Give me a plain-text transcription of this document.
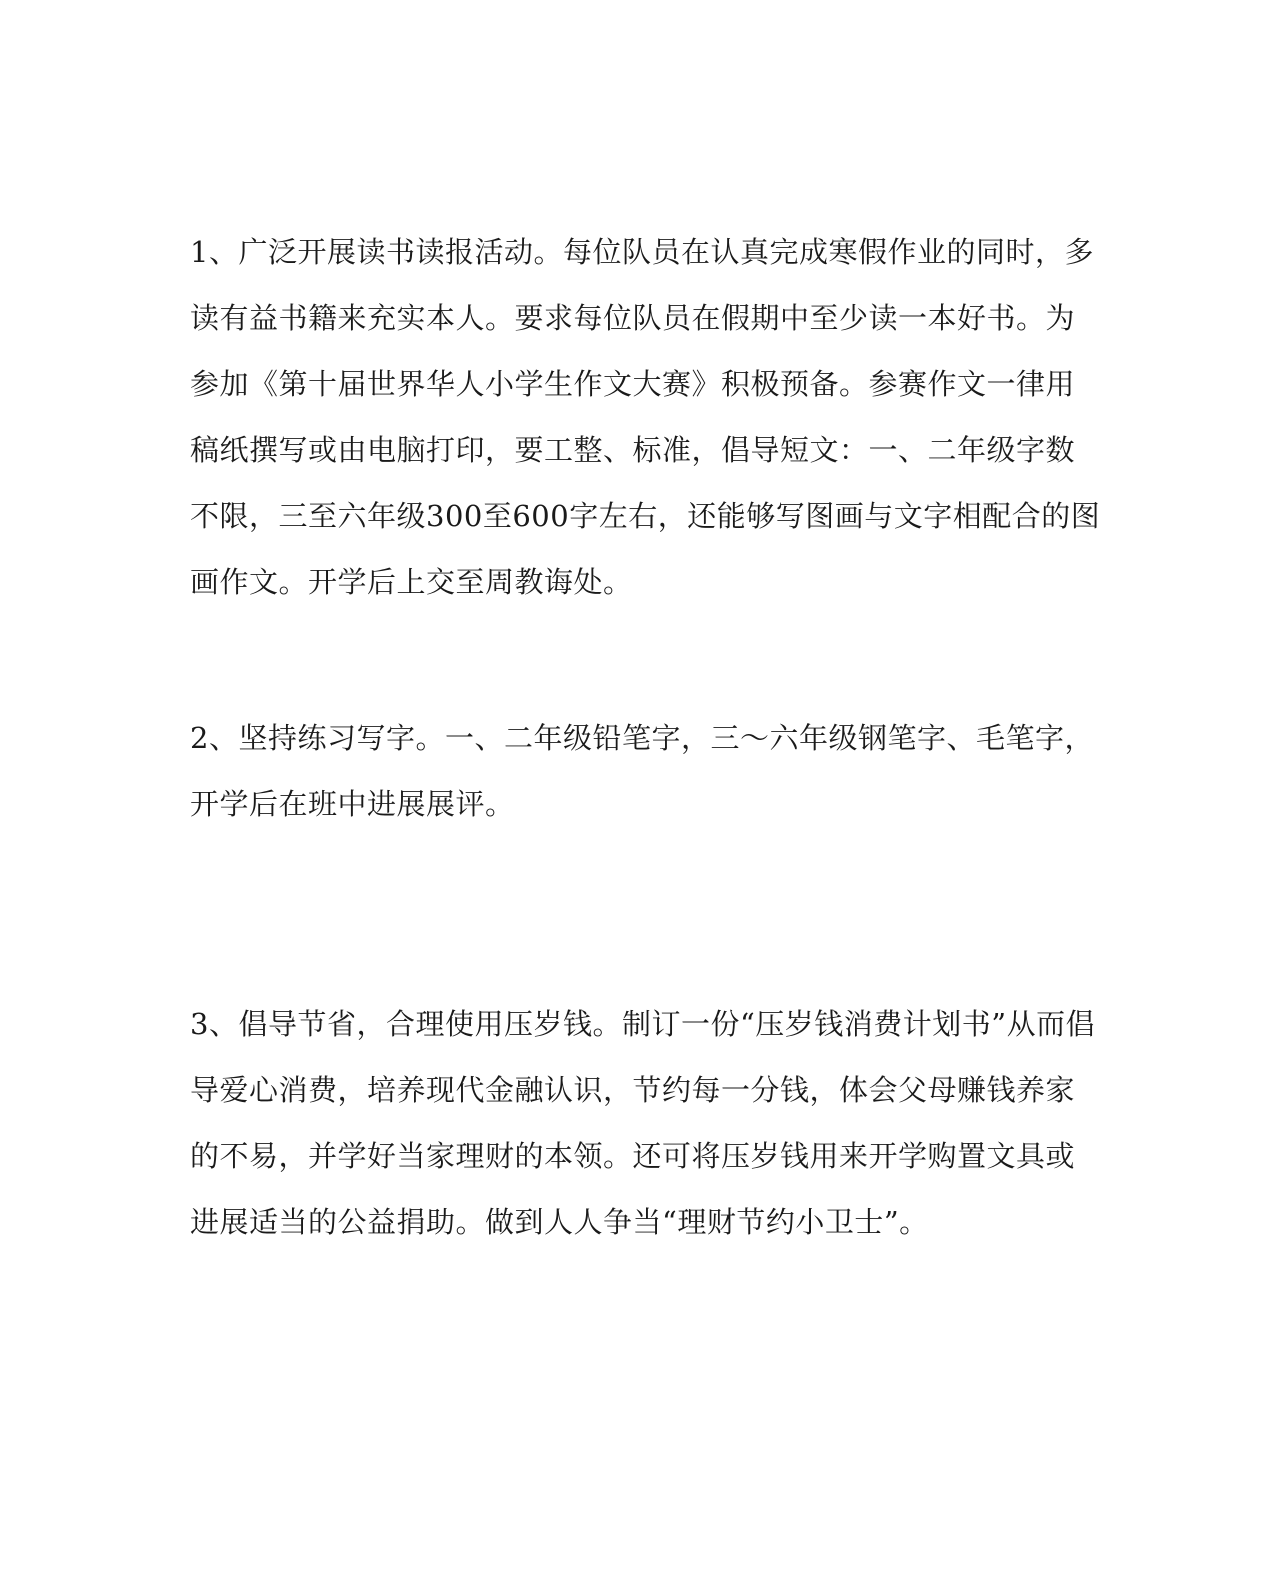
1、广泛开展读书读报活动。每位队员在认真完成寒假作业的同时，多
读有益书籍来充实本人。要求每位队员在假期中至少读一本好书。为
参加《第十届世界华人小学生作文大赛》积极预备。参赛作文一律用
稿纸撰写或由电脑打印，要工整、标准，倡导短文：一、二年级字数
不限，三至六年级300至600字左右，还能够写图画与文字相配合的图
画作文。开学后上交至周教诲处。
2、坚持练习写字。一、二年级铅笔字，三～六年级钢笔字、毛笔字，
开学后在班中进展展评。
3、倡导节省，合理使用压岁钱。制订一份“压岁钱消费计划书”从而倡
导爱心消费，培养现代金融认识，节约每一分钱，体会父母赚钱养家
的不易，并学好当家理财的本领。还可将压岁钱用来开学购置文具或
进展适当的公益捐助。做到人人争当“理财节约小卫士”。
